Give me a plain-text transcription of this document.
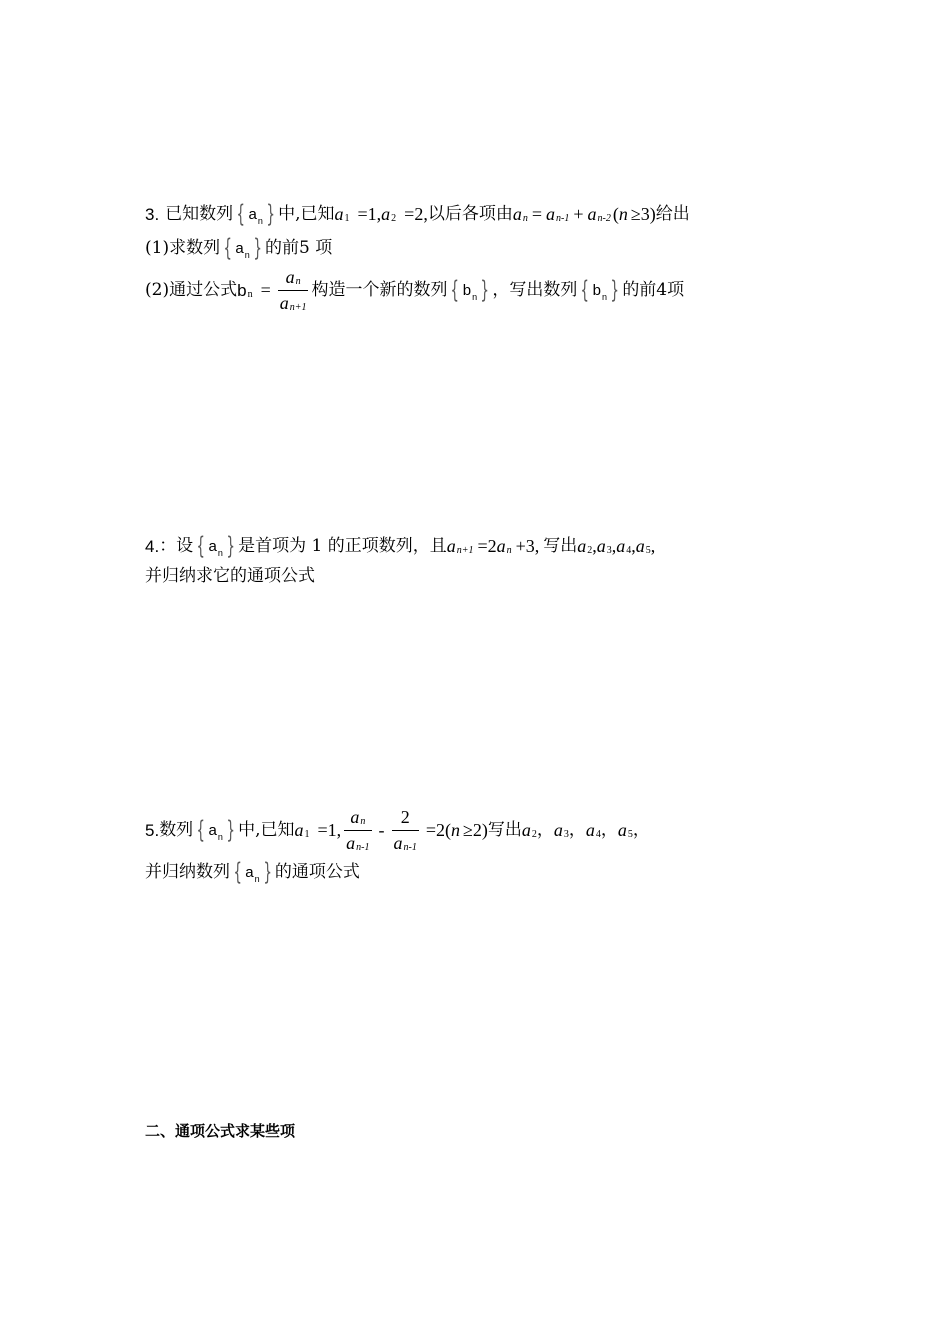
3. 已知数列 { $a_n$ } 中,已知 a 1 =1, a 2 =2, 以后各项由 a n = a n-1 + a n-2 ( n ≥3) 给出
(1)求数列 { $a_n$ } 的前5 项
(2)通过公式 b $n = \frac{\text{a n}}{\text{a n+1}}$ 构造一个新的数列 { $b_n$ } ，写出数列 { $b_n$ } 的前4项
4. ：设 { $a_n$ } 是首项为 1 的正项数列，且 a n+1 =2 a n +3, 写出 a 2 , a 3 , a 4 , a 5 ,
并归纳求它的通项公式
5. 数列 { $a_n$ } 中,已知 a 1 =1, $\frac{\text{a n}}{\text{a n-1}} - \frac{2}{\text{a n-1}} =2$( n ≥2) 写出 a 2 ， a 3 ， a 4 ， a 5 ，
并归纳数列 { $a_n$ } 的通项公式
二、通项公式求某些项
